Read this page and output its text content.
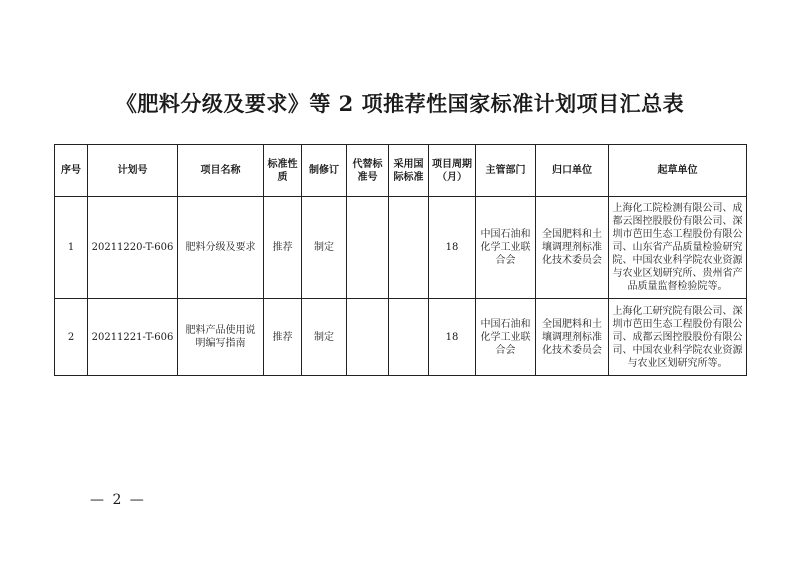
《肥料分级及要求》等 2 项推荐性国家标准计划项目汇总表
序号	计划号	项目名称	标准性质	制修订	代替标准号	采用国际标准	项目周期（月）	主管部门	归口单位	起草单位
1	20211220-T-606	肥料分级及要求	推荐	制定			18	中国石油和化学工业联合会	全国肥料和土壤调理剂标准化技术委员会	上海化工院检测有限公司、成都云图控股股份有限公司、深圳市芭田生态工程股份有限公司、山东省产品质量检验研究院、中国农业科学院农业资源与农业区划研究所、贵州省产品质量监督检验院等。
2	20211221-T-606	肥料产品使用说明编写指南	推荐	制定			18	中国石油和化学工业联合会	全国肥料和土壤调理剂标准化技术委员会	上海化工研究院有限公司、深圳市芭田生态工程股份有限公司、成都云图控股股份有限公司、中国农业科学院农业资源与农业区划研究所等。
— 2 —
